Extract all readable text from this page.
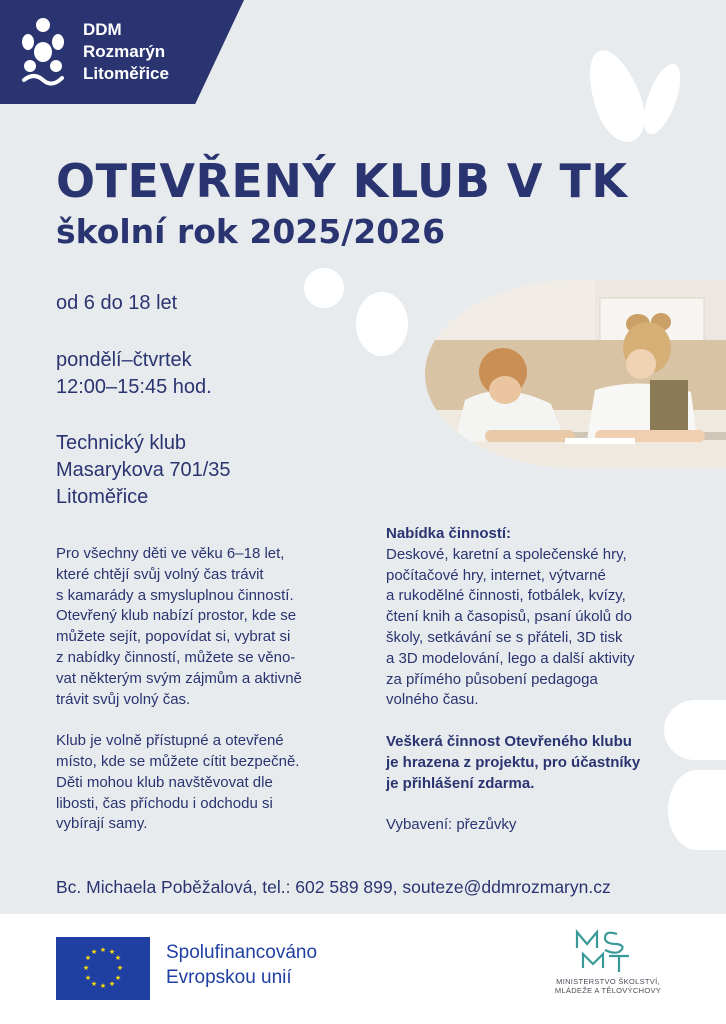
DDM
Rozmarýn
Litoměřice
OTEVŘENÝ KLUB V TK
školní rok 2025/2026
od 6 do 18 let
pondělí–čtvrtek
12:00–15:45 hod.
Technický klub
Masarykova 701/35
Litoměřice

Pro všechny děti ve věku 6–18 let,

které chtějí svůj volný čas trávit

s kamarády a smysluplnou činností.

Otevřený klub nabízí prostor, kde se

můžete sejít, popovídat si, vybrat si

z nabídky činností, můžete se věno-

vat některým svým zájmům a aktivně

trávit svůj volný čas.

Klub je volně přístupné a otevřené

místo, kde se můžete cítit bezpečně.

Děti mohou klub navštěvovat dle

libosti, čas příchodu i odchodu si

vybírají samy.

Nabídka činností:

Deskové, karetní a společenské hry,

počítačové hry, internet, výtvarné

a rukodělné činnosti, fotbálek, kvízy,

čtení knih a časopisů, psaní úkolů do

školy, setkávání se s přáteli, 3D tisk

a 3D modelování, lego a další aktivity

za přímého působení pedagoga

volného času.

Veškerá činnost Otevřeného klubu

je hrazena z projektu, pro účastníky

je přihlášení zdarma.

Vybavení: přezůvky

Bc. Michaela Poběžalová, tel.: 602 589 899, souteze@ddmrozmaryn.cz
★ ★
★
★
★
★
★
★
★
★
★
★	Spolufinancováno
Evropskou unií	MINISTERSTVO ŠKOLSTVÍ,
MLÁDEŽE A TĚLOVÝCHOVY
